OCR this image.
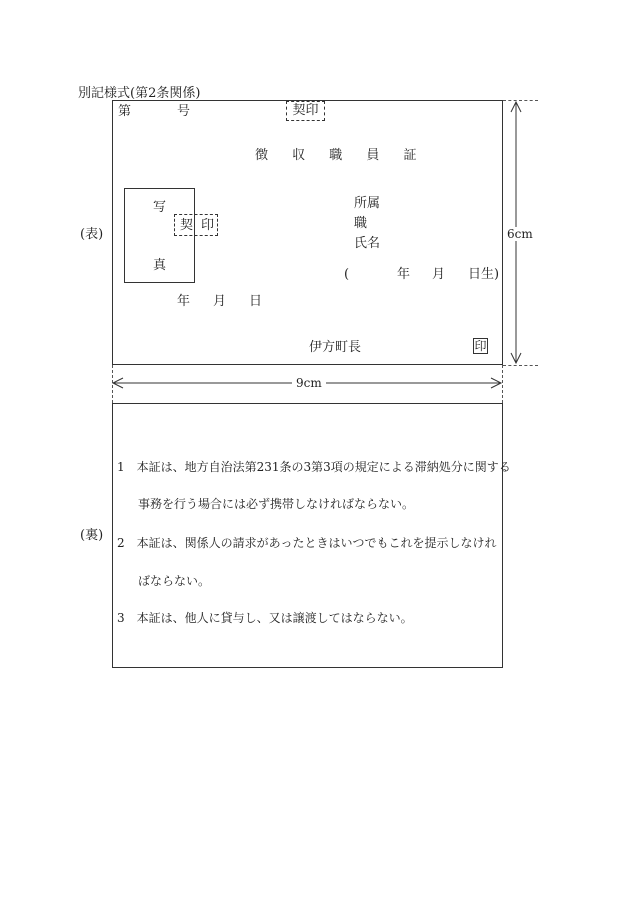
別記様式(第2条関係)
(表)
第	号	契印
徴 収 職 員 証
写
真
契 印
所属
職
氏名
(	年 月 日生)
年 月 日
伊方町長	印
6cm
9cm
(裏)
1　本証は、地方自治法第231条の3第3項の規定による滞納処分に関する
事務を行う場合には必ず携帯しなければならない。
2　本証は、関係人の請求があったときはいつでもこれを提示しなけれ
ばならない。
3　本証は、他人に貸与し、又は譲渡してはならない。
